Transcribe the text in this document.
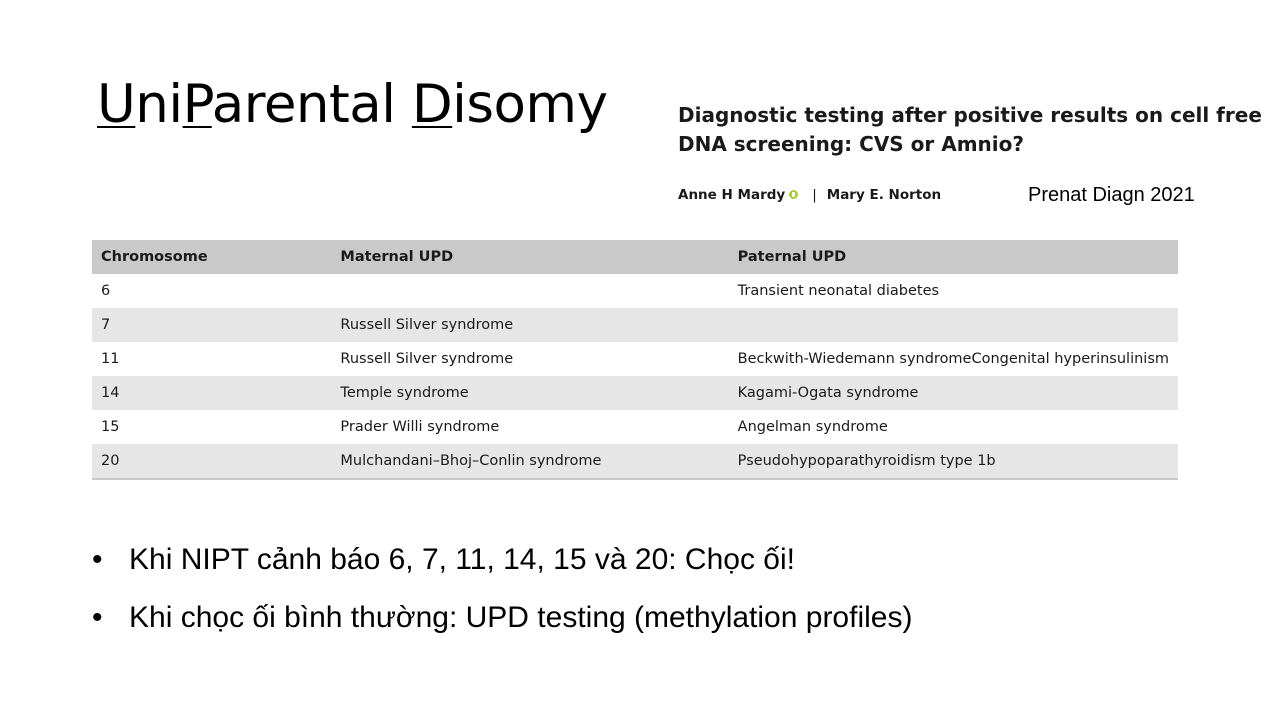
UniParental Disomy	Diagnostic testing after positive results on cell free DNA screening: CVS or Amnio?
Anne H Mardy | Mary E. Norton	Prenat Diagn 2021
Chromosome	Maternal UPD	Paternal UPD
6		Transient neonatal diabetes
7	Russell Silver syndrome	
11	Russell Silver syndrome	Beckwith-Wiedemann syndromeCongenital hyperinsulinism
14	Temple syndrome	Kagami-Ogata syndrome
15	Prader Willi syndrome	Angelman syndrome
20	Mulchandani–Bhoj–Conlin syndrome	Pseudohypoparathyroidism type 1b
• Khi NIPT cảnh báo 6, 7, 11, 14, 15 và 20: Chọc ối!
• Khi chọc ối bình thường: UPD testing (methylation profiles)
